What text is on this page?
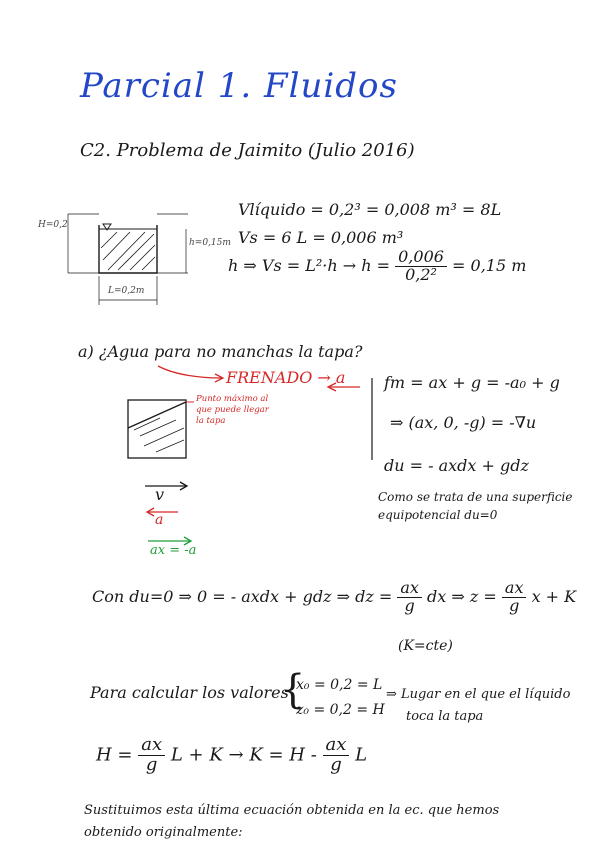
Parcial 1. Fluidos
C2. Problema de Jaimito (Julio 2016)
H=0,2
h=0,15m
L=0,2m
Vlíquido = 0,2³ = 0,008 m³ = 8L
Vs = 6 L = 0,006 m³
h ⇒ $Vs = L^2\cdot h \to h = \frac{0,006}{\text{0,2²}} = 0,15$ m
a) ¿Agua para no manchas la tapa?
FRENADO → a
Punto máximo al
que puede llegar
la tapa
v
a
ax = -a
fm = ax + g = -a₀ + g
⇒ (ax, 0, -g) = -∇u
du = - axdx + gdz
Como se trata de una superficie
equipotencial du=0
Con du=0 ⇒ 0 = - axdx + gdz ⇒ dz = $\frac{ax}{g}$ dx ⇒ $z = \frac{ax}{g}$ x + K
(K=cte)
Para calcular los valores
{
x₀ = 0,2 = L
z₀ = 0,2 = H
⇒ Lugar en el que el líquido
toca la tapa
$H = \frac{ax}{g}$ $L + K \to K = H - \frac{ax}{g}$ L
Sustituimos esta última ecuación obtenida en la ec. que hemos
obtenido originalmente:
